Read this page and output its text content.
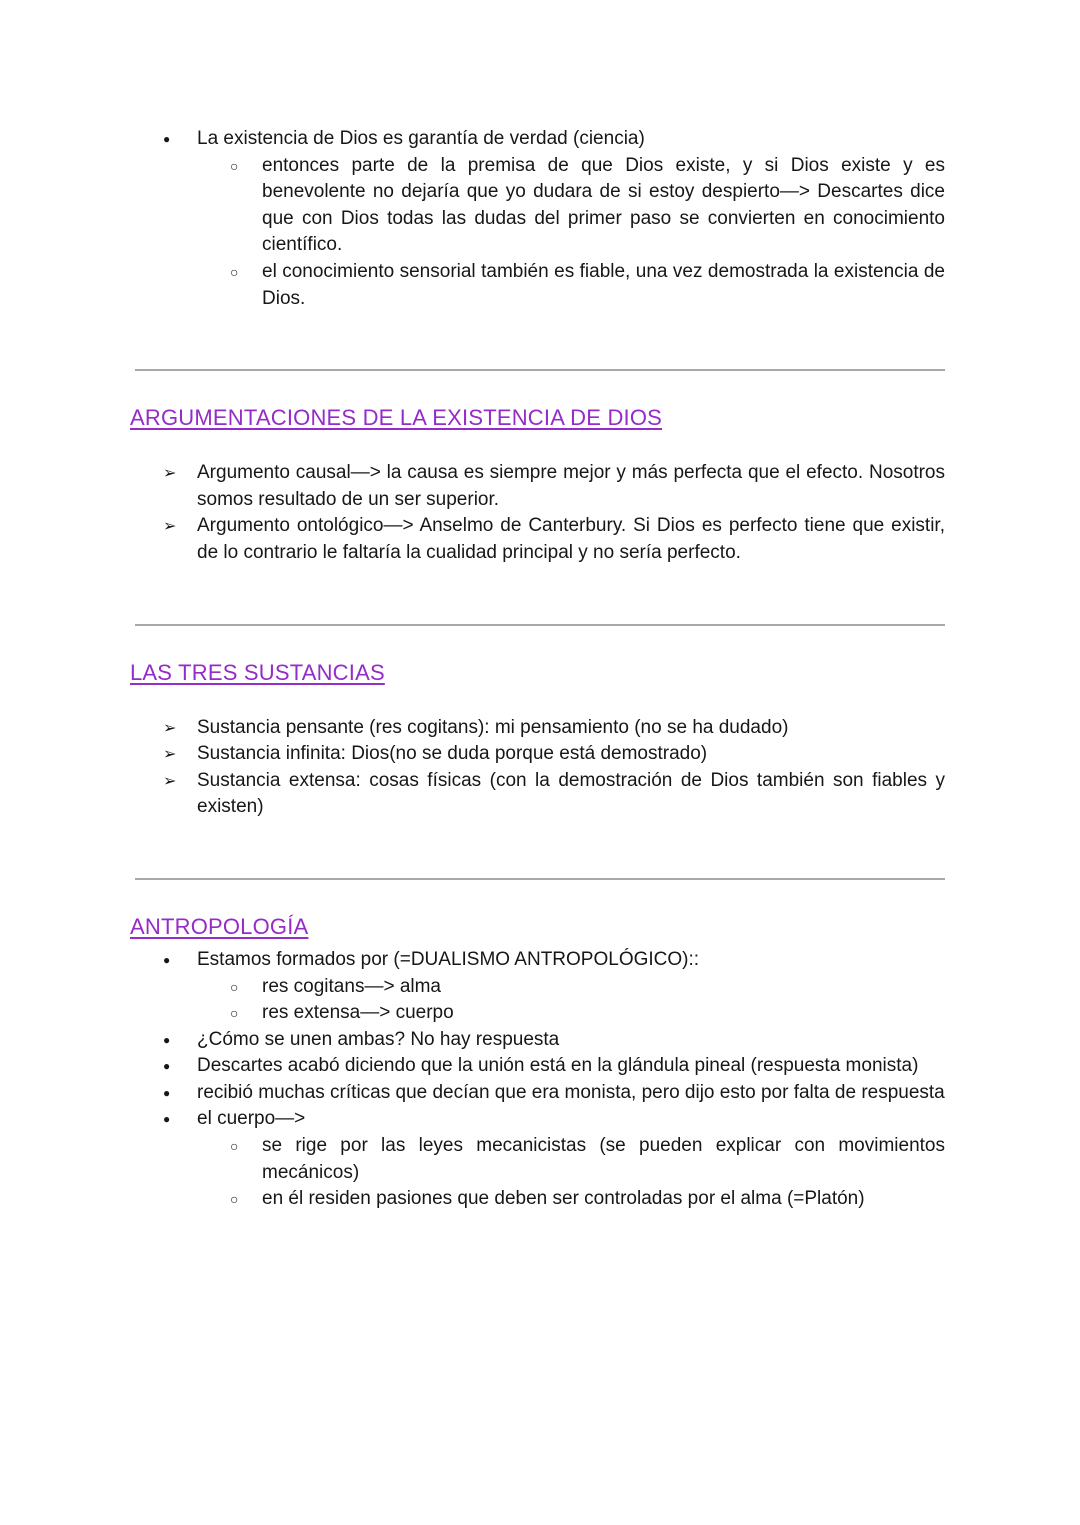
● La existencia de Dios es garantía de verdad (ciencia)
○ entonces parte de la premisa de que Dios existe, y si Dios existe y es benevolente no dejaría que yo dudara de si estoy despierto—> Descartes dice que con Dios todas las dudas del primer paso se convierten en conocimiento científico.
○ el conocimiento sensorial también es fiable, una vez demostrada la existencia de Dios.
ARGUMENTACIONES DE LA EXISTENCIA DE DIOS
➢ Argumento causal—> la causa es siempre mejor y más perfecta que el efecto. Nosotros somos resultado de un ser superior.
➢ Argumento ontológico—> Anselmo de Canterbury. Si Dios es perfecto tiene que existir, de lo contrario le faltaría la cualidad principal y no sería perfecto.
LAS TRES SUSTANCIAS
➢ Sustancia pensante (res cogitans): mi pensamiento (no se ha dudado)
➢ Sustancia infinita: Dios(no se duda porque está demostrado)
➢ Sustancia extensa: cosas físicas (con la demostración de Dios también son fiables y existen)
ANTROPOLOGÍA
● Estamos formados por (=DUALISMO ANTROPOLÓGICO)::
○ res cogitans—> alma
○ res extensa—> cuerpo
● ¿Cómo se unen ambas? No hay respuesta
● Descartes acabó diciendo que la unión está en la glándula pineal (respuesta monista)
● recibió muchas críticas que decían que era monista, pero dijo esto por falta de respuesta
● el cuerpo—>
○ se rige por las leyes mecanicistas (se pueden explicar con movimientos mecánicos)
○ en él residen pasiones que deben ser controladas por el alma (=Platón)
